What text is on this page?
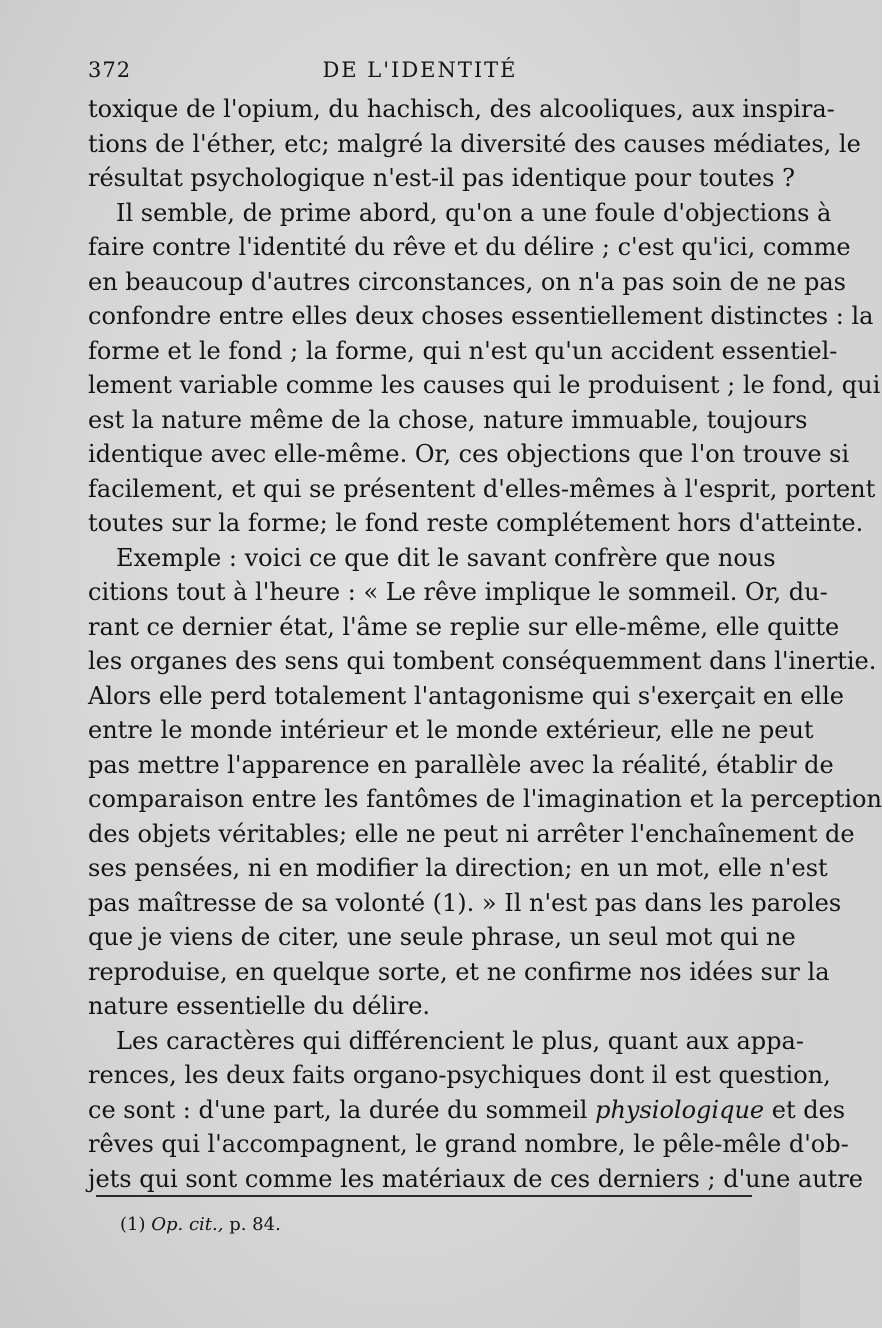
372	DE L'IDENTITÉ
toxique de l'opium, du hachisch, des alcooliques, aux inspira-
tions de l'éther, etc; malgré la diversité des causes médiates, le
résultat psychologique n'est-il pas identique pour toutes ?
Il semble, de prime abord, qu'on a une foule d'objections à
faire contre l'identité du rêve et du délire ; c'est qu'ici, comme
en beaucoup d'autres circonstances, on n'a pas soin de ne pas
confondre entre elles deux choses essentiellement distinctes : la
forme et le fond ; la forme, qui n'est qu'un accident essentiel-
lement variable comme les causes qui le produisent ; le fond, qui
est la nature même de la chose, nature immuable, toujours
identique avec elle-même. Or, ces objections que l'on trouve si
facilement, et qui se présentent d'elles-mêmes à l'esprit, portent
toutes sur la forme; le fond reste complétement hors d'atteinte.
Exemple : voici ce que dit le savant confrère que nous
citions tout à l'heure : « Le rêve implique le sommeil. Or, du-
rant ce dernier état, l'âme se replie sur elle-même, elle quitte
les organes des sens qui tombent conséquemment dans l'inertie.
Alors elle perd totalement l'antagonisme qui s'exerçait en elle
entre le monde intérieur et le monde extérieur, elle ne peut
pas mettre l'apparence en parallèle avec la réalité, établir de
comparaison entre les fantômes de l'imagination et la perception
des objets véritables; elle ne peut ni arrêter l'enchaînement de
ses pensées, ni en modifier la direction; en un mot, elle n'est
pas maîtresse de sa volonté (1). » Il n'est pas dans les paroles
que je viens de citer, une seule phrase, un seul mot qui ne
reproduise, en quelque sorte, et ne confirme nos idées sur la
nature essentielle du délire.
Les caractères qui différencient le plus, quant aux appa-
rences, les deux faits organo-psychiques dont il est question,
ce sont : d'une part, la durée du sommeil physiologique et des
rêves qui l'accompagnent, le grand nombre, le pêle-mêle d'ob-
jets qui sont comme les matériaux de ces derniers ; d'une autre
(1) Op. cit., p. 84.
